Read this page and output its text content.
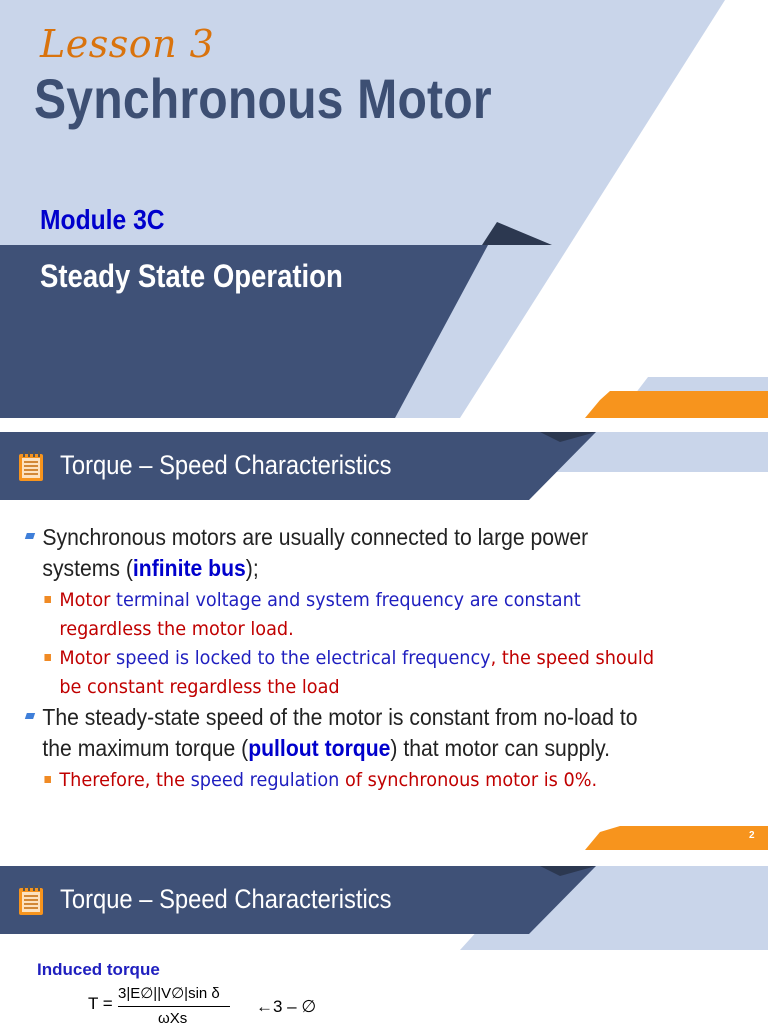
Lesson 3
Synchronous Motor
Module 3C
Steady State Operation
Torque – Speed Characteristics
Synchronous motors are usually connected to large power systems (infinite bus);
Motor terminal voltage and system frequency are constant regardless the motor load.
Motor speed is locked to the electrical frequency, the speed should be constant regardless the load
The steady-state speed of the motor is constant from no-load to the maximum torque (pullout torque) that motor can supply.
Therefore, the speed regulation of synchronous motor is 0%.
2
Torque – Speed Characteristics
Induced torque
T =
3|E∅||V∅|sin δ
ωXs
←3 – ∅
